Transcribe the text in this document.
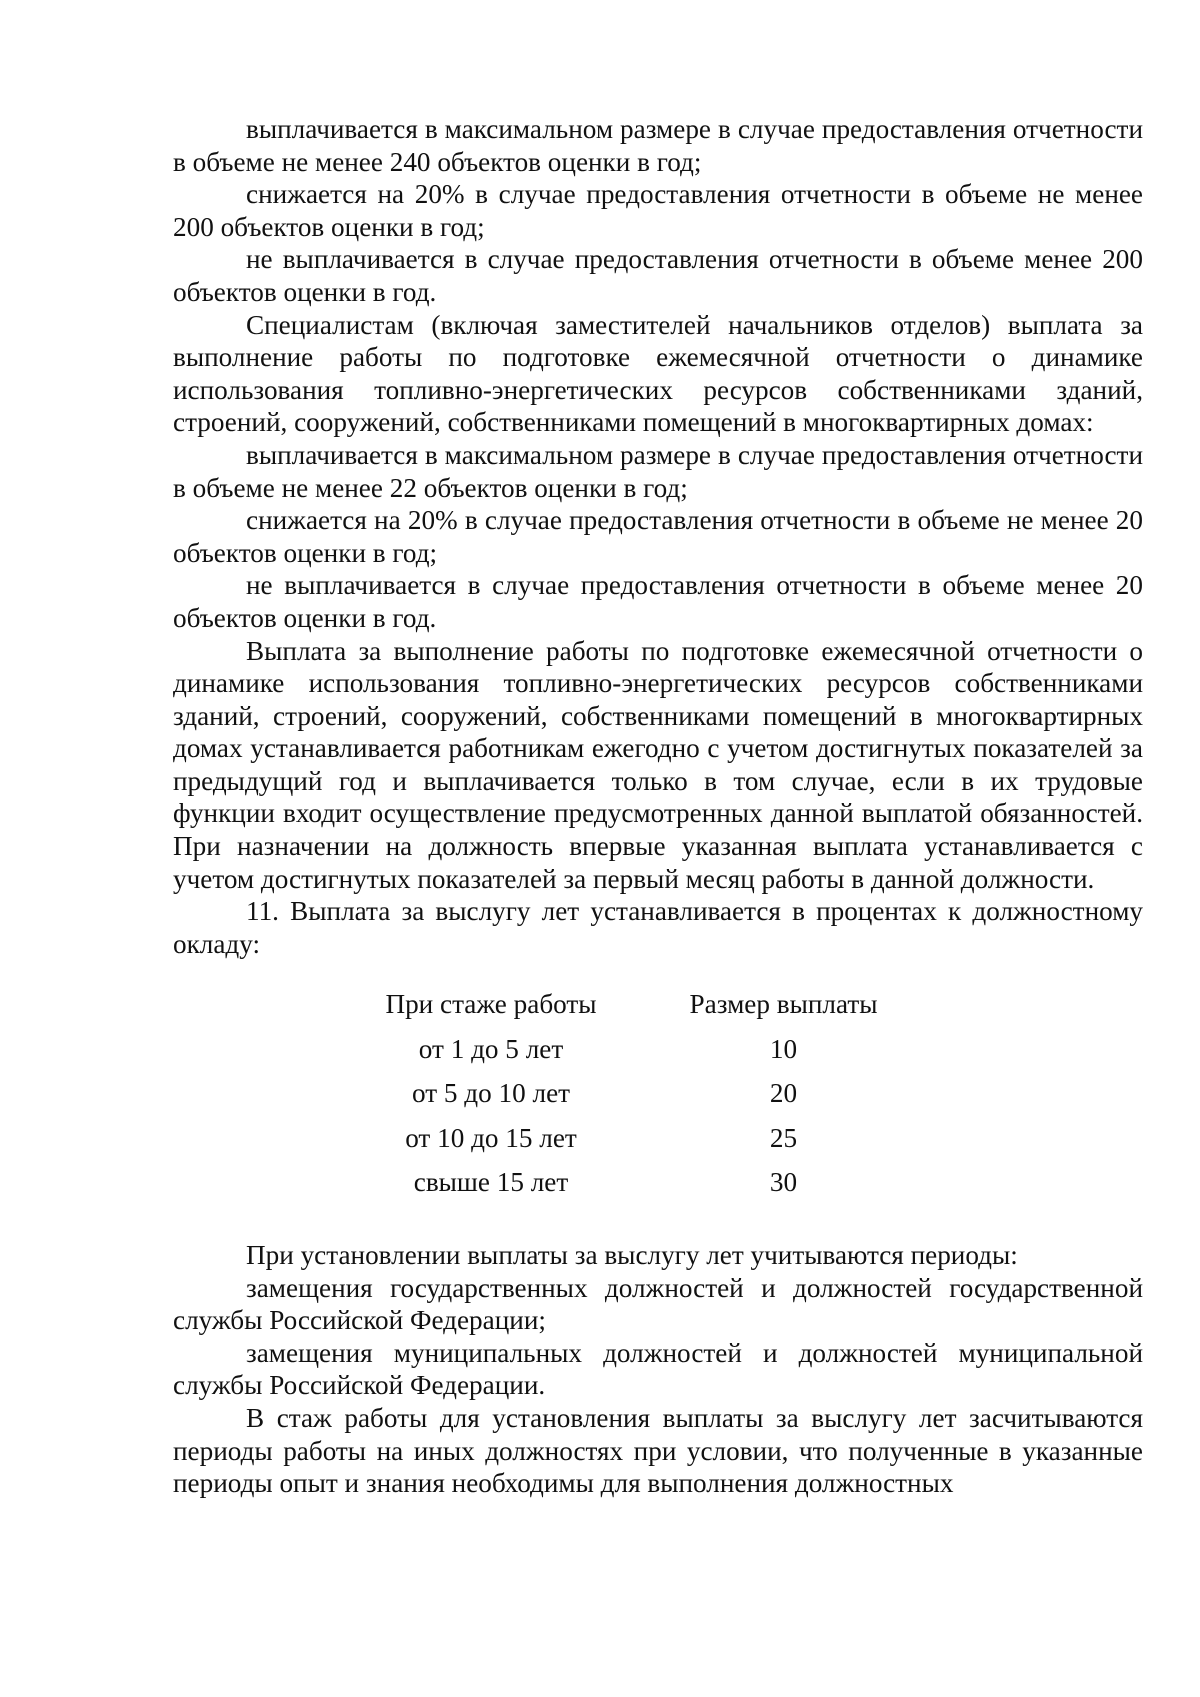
выплачивается в максимальном размере в случае предоставления отчетности в объеме не менее 240 объектов оценки в год;

снижается на 20% в случае предоставления отчетности в объеме не менее 200 объектов оценки в год;

не выплачивается в случае предоставления отчетности в объеме менее 200 объектов оценки в год.

Специалистам (включая заместителей начальников отделов) выплата за выполнение работы по подготовке ежемесячной отчетности о динамике использования топливно-энергетических ресурсов собственниками зданий, строений, сооружений, собственниками помещений в многоквартирных домах:

выплачивается в максимальном размере в случае предоставления отчетности в объеме не менее 22 объектов оценки в год;

снижается на 20% в случае предоставления отчетности в объеме не менее 20 объектов оценки в год;

не выплачивается в случае предоставления отчетности в объеме менее 20 объектов оценки в год.

Выплата за выполнение работы по подготовке ежемесячной отчетности о динамике использования топливно-энергетических ресурсов собственниками зданий, строений, сооружений, собственниками помещений в многоквартирных домах устанавливается работникам ежегодно с учетом достигнутых показателей за предыдущий год и выплачивается только в том случае, если в их трудовые функции входит осуществление предусмотренных данной выплатой обязанностей. При назначении на должность впервые указанная выплата устанавливается с учетом достигнутых показателей за первый месяц работы в данной должности.

11. Выплата за выслугу лет устанавливается в процентах к должностному окладу:

При стаже работы	Размер выплаты
от 1 до 5 лет	10
от 5 до 10 лет	20
от 10 до 15 лет	25
свыше 15 лет	30

При установлении выплаты за выслугу лет учитываются периоды:

замещения государственных должностей и должностей государственной службы Российской Федерации;

замещения муниципальных должностей и должностей муниципальной службы Российской Федерации.

В стаж работы для установления выплаты за выслугу лет засчитываются периоды работы на иных должностях при условии, что полученные в указанные периоды опыт и знания необходимы для выполнения должностных
